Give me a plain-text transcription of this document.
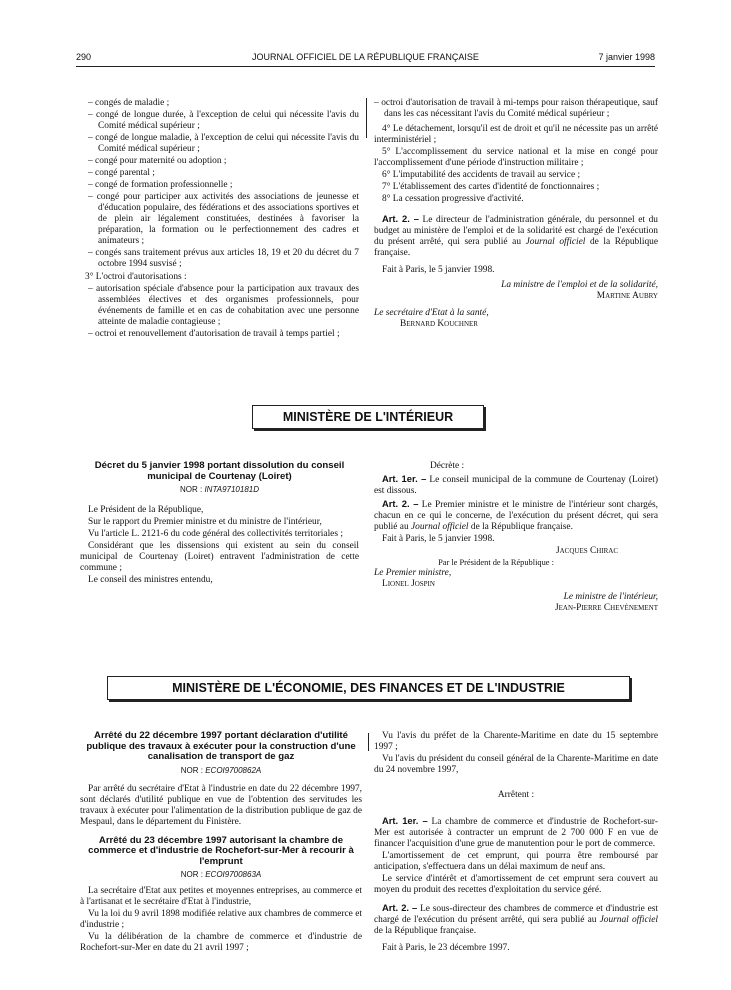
290	JOURNAL OFFICIEL DE LA RÉPUBLIQUE FRANÇAISE	7 janvier 1998

– congés de maladie ;

– congé de longue durée, à l'exception de celui qui nécessite l'avis du Comité médical supérieur ;

– congé de longue maladie, à l'exception de celui qui nécessite l'avis du Comité médical supérieur ;

– congé pour maternité ou adoption ;

– congé parental ;

– congé de formation professionnelle ;

– congé pour participer aux activités des associations de jeunesse et d'éducation populaire, des fédérations et des associations sportives et de plein air légalement constituées, destinées à favoriser la préparation, la formation ou le perfectionnement des cadres et animateurs ;

– congés sans traitement prévus aux articles 18, 19 et 20 du décret du 7 octobre 1994 susvisé ;

3° L'octroi d'autorisations :

– autorisation spéciale d'absence pour la participation aux travaux des assemblées électives et des organismes professionnels, pour événements de famille et en cas de cohabitation avec une personne atteinte de maladie contagieuse ;

– octroi et renouvellement d'autorisation de travail à temps partiel ;

– octroi d'autorisation de travail à mi-temps pour raison thérapeutique, sauf dans les cas nécessitant l'avis du Comité médical supérieur ;

4° Le détachement, lorsqu'il est de droit et qu'il ne nécessite pas un arrêté interministériel ;

5° L'accomplissement du service national et la mise en congé pour l'accomplissement d'une période d'instruction militaire ;

6° L'imputabilité des accidents de travail au service ;

7° L'établissement des cartes d'identité de fonctionnaires ;

8° La cessation progressive d'activité.

Art. 2. – Le directeur de l'administration générale, du personnel et du budget au ministère de l'emploi et de la solidarité est chargé de l'exécution du présent arrêté, qui sera publié au Journal officiel de la République française.

Fait à Paris, le 5 janvier 1998.

La ministre de l'emploi et de la solidarité,

Martine Aubry

Le secrétaire d'Etat à la santé,

Bernard Kouchner

MINISTÈRE DE L'INTÉRIEUR

Décret du 5 janvier 1998 portant dissolution du conseil municipal de Courtenay (Loiret)

NOR : INTA9710181D

Le Président de la République,

Sur le rapport du Premier ministre et du ministre de l'intérieur,

Vu l'article L. 2121-6 du code général des collectivités territoriales ;

Considérant que les dissensions qui existent au sein du conseil municipal de Courtenay (Loiret) entravent l'administration de cette commune ;

Le conseil des ministres entendu,

Décrète :

Art. 1er. – Le conseil municipal de la commune de Courtenay (Loiret) est dissous.

Art. 2. – Le Premier ministre et le ministre de l'intérieur sont chargés, chacun en ce qui le concerne, de l'exécution du présent décret, qui sera publié au Journal officiel de la République française.

Fait à Paris, le 5 janvier 1998.

Jacques Chirac

Par le Président de la République :

Le Premier ministre,

Lionel Jospin

Le ministre de l'intérieur,

Jean-Pierre Chevènement

MINISTÈRE DE L'ÉCONOMIE, DES FINANCES ET DE L'INDUSTRIE

Arrêté du 22 décembre 1997 portant déclaration d'utilité publique des travaux à exécuter pour la construction d'une canalisation de transport de gaz

NOR : ECOI9700862A

Par arrêté du secrétaire d'Etat à l'industrie en date du 22 décembre 1997, sont déclarés d'utilité publique en vue de l'obtention des servitudes les travaux à exécuter pour l'alimentation de la distribution publique de gaz de Mespaul, dans le département du Finistère.

Arrêté du 23 décembre 1997 autorisant la chambre de commerce et d'industrie de Rochefort-sur-Mer à recourir à l'emprunt

NOR : ECOI9700863A

La secrétaire d'Etat aux petites et moyennes entreprises, au commerce et à l'artisanat et le secrétaire d'Etat à l'industrie,

Vu la loi du 9 avril 1898 modifiée relative aux chambres de commerce et d'industrie ;

Vu la délibération de la chambre de commerce et d'industrie de Rochefort-sur-Mer en date du 21 avril 1997 ;

Vu l'avis du préfet de la Charente-Maritime en date du 15 septembre 1997 ;

Vu l'avis du président du conseil général de la Charente-Maritime en date du 24 novembre 1997,

Arrêtent :

Art. 1er. – La chambre de commerce et d'industrie de Rochefort-sur-Mer est autorisée à contracter un emprunt de 2 700 000 F en vue de financer l'acquisition d'une grue de manutention pour le port de commerce.

L'amortissement de cet emprunt, qui pourra être remboursé par anticipation, s'effectuera dans un délai maximum de neuf ans.

Le service d'intérêt et d'amortissement de cet emprunt sera couvert au moyen du produit des recettes d'exploitation du service géré.

Art. 2. – Le sous-directeur des chambres de commerce et d'industrie est chargé de l'exécution du présent arrêté, qui sera publié au Journal officiel de la République française.

Fait à Paris, le 23 décembre 1997.
